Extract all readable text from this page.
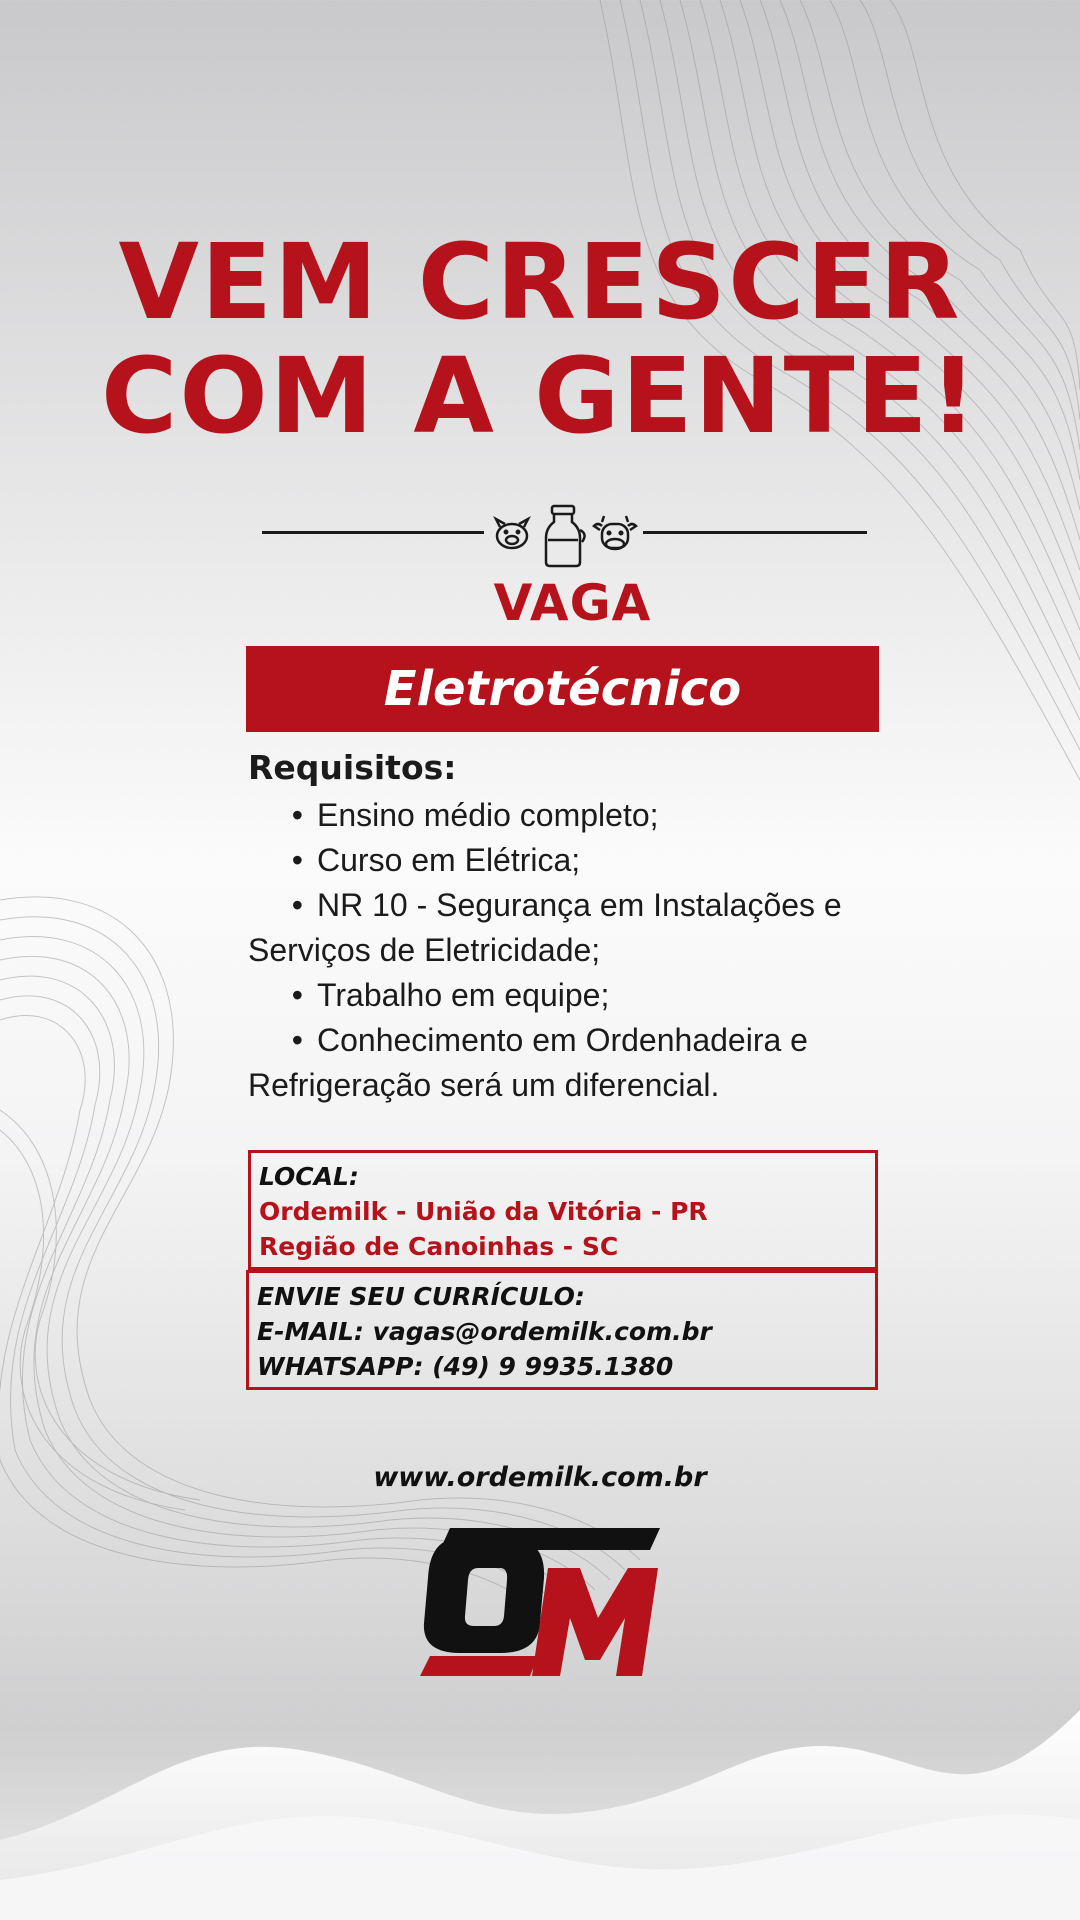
VEM CRESCER
COM A GENTE!
VAGA
Eletrotécnico

Requisitos:

• Ensino médio completo;
• Curso em Elétrica;
• NR 10 - Segurança em Instalações e
Serviços de Eletricidade;
• Trabalho em equipe;
• Conhecimento em Ordenhadeira e
Refrigeração será um diferencial.

LOCAL:

Ordemilk - União da Vitória - PR

Região de Canoinhas - SC

ENVIE SEU CURRÍCULO:

E-MAIL: vagas@ordemilk.com.br

WHATSAPP: (49) 9 9935.1380

www.ordemilk.com.br
